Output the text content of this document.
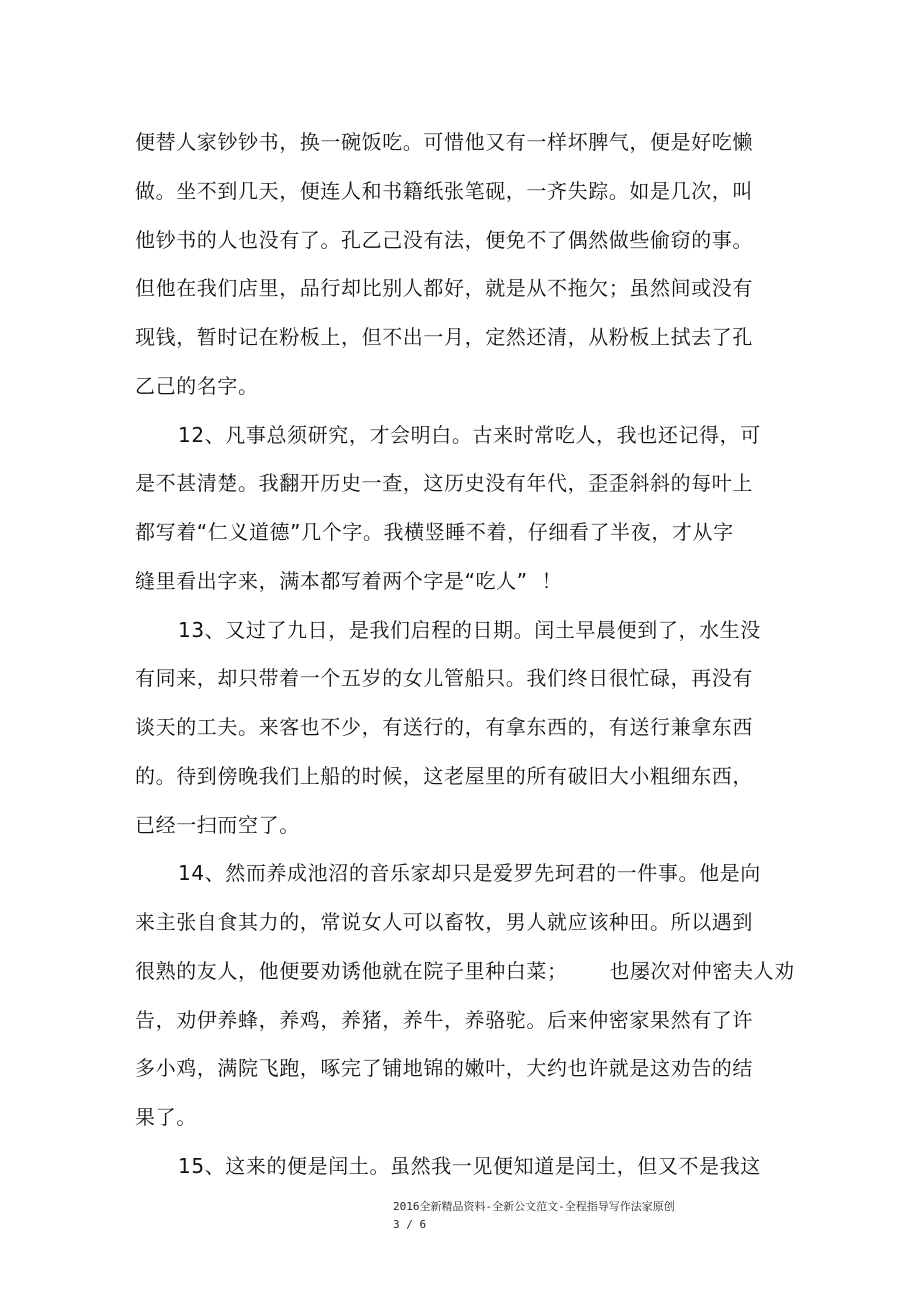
便替人家钞钞书，换一碗饭吃。可惜他又有一样坏脾气，便是好吃懒
做。坐不到几天，便连人和书籍纸张笔砚，一齐失踪。如是几次，叫
他钞书的人也没有了。孔乙己没有法，便免不了偶然做些偷窃的事。
但他在我们店里，品行却比别人都好，就是从不拖欠；虽然间或没有
现钱，暂时记在粉板上，但不出一月，定然还清，从粉板上拭去了孔
乙己的名字。
12、凡事总须研究，才会明白。古来时常吃人，我也还记得，可
是不甚清楚。我翻开历史一查，这历史没有年代，歪歪斜斜的每叶上
都写着“仁义道德”几个字。我横竖睡不着，仔细看了半夜，才从字
缝里看出字来，满本都写着两个字是“吃人”  ！
13、又过了九日，是我们启程的日期。闰土早晨便到了，水生没
有同来，却只带着一个五岁的女儿管船只。我们终日很忙碌，再没有
谈天的工夫。来客也不少，有送行的，有拿东西的，有送行兼拿东西
的。待到傍晚我们上船的时候，这老屋里的所有破旧大小粗细东西，
已经一扫而空了。
14、然而养成池沼的音乐家却只是爱罗先珂君的一件事。他是向
来主张自食其力的，常说女人可以畜牧，男人就应该种田。所以遇到
很熟的友人，他便要劝诱他就在院子里种白菜；      也屡次对仲密夫人劝
告，劝伊养蜂，养鸡，养猪，养牛，养骆驼。后来仲密家果然有了许
多小鸡，满院飞跑，啄完了铺地锦的嫩叶，大约也许就是这劝告的结
果了。
15、这来的便是闰土。虽然我一见便知道是闰土，但又不是我这
2016全新精品资料-全新公文范文-全程指导写作法家原创
3 / 6
